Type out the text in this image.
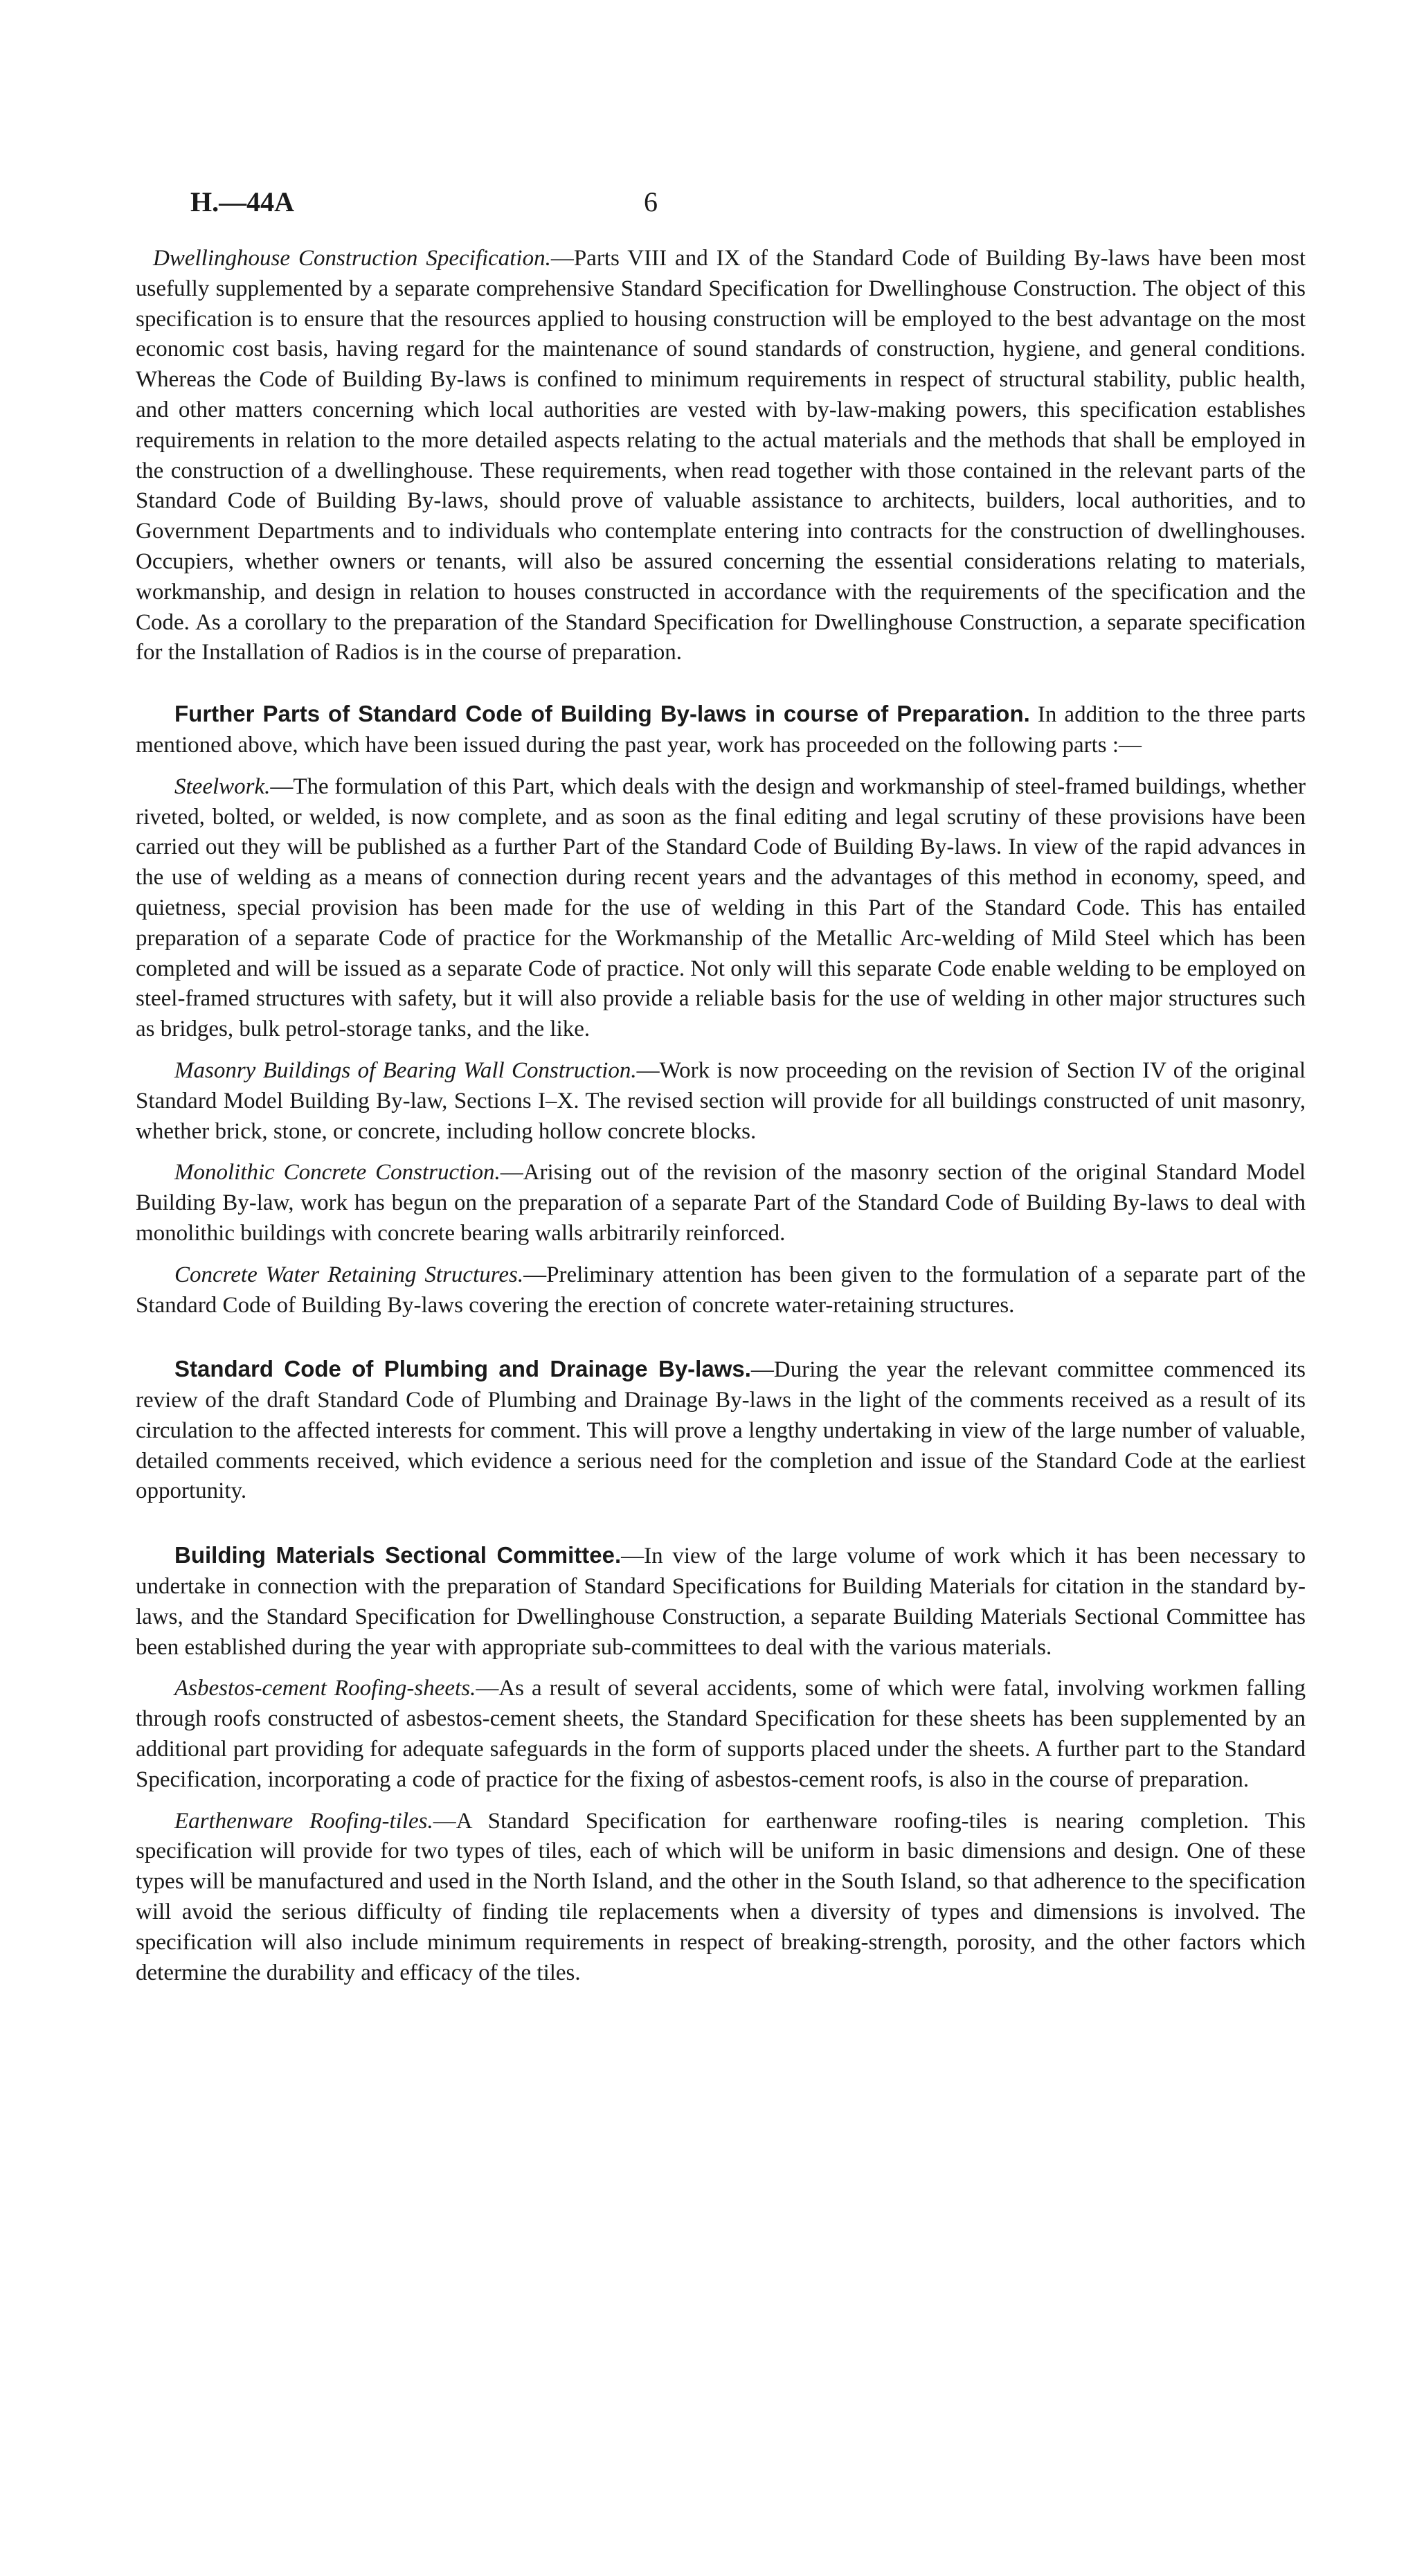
H.—44A	6

Dwellinghouse Construction Specification.—Parts VIII and IX of the Standard Code of Building By-laws have been most usefully supplemented by a separate comprehensive Standard Specification for Dwellinghouse Construction. The object of this specification is to ensure that the resources applied to housing construction will be employed to the best advantage on the most economic cost basis, having regard for the maintenance of sound standards of construction, hygiene, and general conditions. Whereas the Code of Building By-laws is confined to minimum requirements in respect of structural stability, public health, and other matters concerning which local authorities are vested with by-law-making powers, this specification establishes requirements in relation to the more detailed aspects relating to the actual materials and the methods that shall be employed in the construction of a dwellinghouse. These requirements, when read together with those contained in the relevant parts of the Standard Code of Building By-laws, should prove of valuable assistance to architects, builders, local authorities, and to Government Departments and to individuals who contemplate entering into contracts for the construction of dwellinghouses. Occupiers, whether owners or tenants, will also be assured concerning the essential considerations relating to materials, workmanship, and design in relation to houses constructed in accordance with the requirements of the specification and the Code. As a corollary to the preparation of the Standard Specification for Dwellinghouse Construction, a separate specification for the Installation of Radios is in the course of preparation.

Further Parts of Standard Code of Building By-laws in course of Preparation. In addition to the three parts mentioned above, which have been issued during the past year, work has proceeded on the following parts :—

Steelwork.—The formulation of this Part, which deals with the design and workmanship of steel-framed buildings, whether riveted, bolted, or welded, is now complete, and as soon as the final editing and legal scrutiny of these provisions have been carried out they will be published as a further Part of the Standard Code of Building By-laws. In view of the rapid advances in the use of welding as a means of connection during recent years and the advantages of this method in economy, speed, and quietness, special provision has been made for the use of welding in this Part of the Standard Code. This has entailed preparation of a separate Code of practice for the Workmanship of the Metallic Arc-welding of Mild Steel which has been completed and will be issued as a separate Code of practice. Not only will this separate Code enable welding to be employed on steel-framed structures with safety, but it will also provide a reliable basis for the use of welding in other major structures such as bridges, bulk petrol-storage tanks, and the like.

Masonry Buildings of Bearing Wall Construction.—Work is now proceeding on the revision of Section IV of the original Standard Model Building By-law, Sections I–X. The revised section will provide for all buildings constructed of unit masonry, whether brick, stone, or concrete, including hollow concrete blocks.

Monolithic Concrete Construction.—Arising out of the revision of the masonry section of the original Standard Model Building By-law, work has begun on the preparation of a separate Part of the Standard Code of Building By-laws to deal with monolithic buildings with concrete bearing walls arbitrarily reinforced.

Concrete Water Retaining Structures.—Preliminary attention has been given to the formulation of a separate part of the Standard Code of Building By-laws covering the erection of concrete water-retaining structures.

Standard Code of Plumbing and Drainage By-laws.—During the year the relevant committee commenced its review of the draft Standard Code of Plumbing and Drainage By-laws in the light of the comments received as a result of its circulation to the affected interests for comment. This will prove a lengthy undertaking in view of the large number of valuable, detailed comments received, which evidence a serious need for the completion and issue of the Standard Code at the earliest opportunity.

Building Materials Sectional Committee.—In view of the large volume of work which it has been necessary to undertake in connection with the preparation of Standard Specifications for Building Materials for citation in the standard by-laws, and the Standard Specification for Dwellinghouse Construction, a separate Building Materials Sectional Committee has been established during the year with appropriate sub-committees to deal with the various materials.

Asbestos-cement Roofing-sheets.—As a result of several accidents, some of which were fatal, involving workmen falling through roofs constructed of asbestos-cement sheets, the Standard Specification for these sheets has been supplemented by an additional part providing for adequate safeguards in the form of supports placed under the sheets. A further part to the Standard Specification, incorporating a code of practice for the fixing of asbestos-cement roofs, is also in the course of preparation.

Earthenware Roofing-tiles.—A Standard Specification for earthenware roofing-tiles is nearing completion. This specification will provide for two types of tiles, each of which will be uniform in basic dimensions and design. One of these types will be manufactured and used in the North Island, and the other in the South Island, so that adherence to the specification will avoid the serious difficulty of finding tile replacements when a diversity of types and dimensions is involved. The specification will also include minimum requirements in respect of breaking-strength, porosity, and the other factors which determine the durability and efficacy of the tiles.
